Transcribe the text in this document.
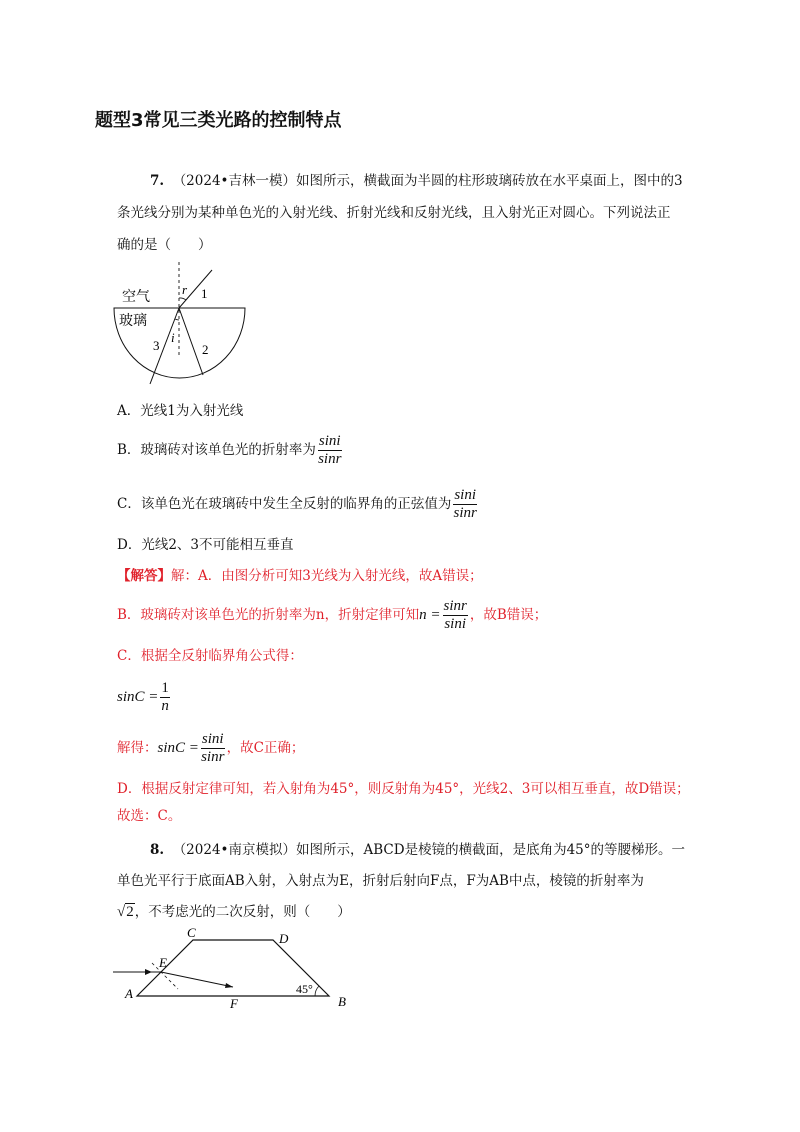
题型3常见三类光路的控制特点
7. （2024•吉林一模）如图所示，横截面为半圆的柱形玻璃砖放在水平桌面上，图中的3
条光线分别为某种单色光的入射光线、折射光线和反射光线，且入射光正对圆心。下列说法正
确的是（　　）
空气
玻璃
r
i
1
2
3
A．光线1为入射光线
B．玻璃砖对该单色光的折射率为 $\frac{\sin i}{\sin r}$
C．该单色光在玻璃砖中发生全反射的临界角的正弦值为 $\frac{\sin i}{\sin r}$
D．光线2、3不可能相互垂直
【解答】解：A．由图分析可知3光线为入射光线，故A错误；
B．玻璃砖对该单色光的折射率为n，折射定律可知$n = \frac{\sin r}{\sin i}$ ，故B错误；
C．根据全反射临界角公式得：
$\sin C = \frac{1}{n}$
解得：$\sin C = \frac{\sin i}{\sin r}$ ，故C正确；
D．根据反射定律可知，若入射角为45°，则反射角为45°，光线2、3可以相互垂直，故D错误；
故选：C。
8. （2024•南京模拟）如图所示，ABCD是棱镜的横截面，是底角为45°的等腰梯形。一
单色光平行于底面AB入射，入射点为E，折射后射向F点，F为AB中点，棱镜的折射率为
√2，不考虑光的二次反射，则（　　）
C	D
E
A
F	B
45°
